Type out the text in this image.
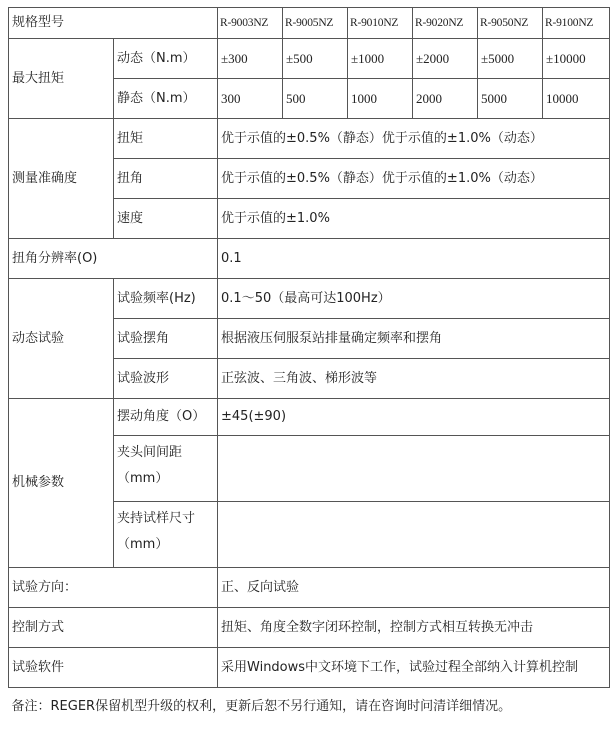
规格型号		R-9003NZ	R-9005NZ	R-9010NZ	R-9020NZ	R-9050NZ	R-9100NZ
最大扭矩	动态（N.m）	±300	±500	±1000	±2000	±5000	±10000
	静态（N.m）	300	500	1000	2000	5000	10000
测量准确度	扭矩	优于示值的±0.5%（静态）优于示值的±1.0%（动态）					
	扭角	优于示值的±0.5%（静态）优于示值的±1.0%（动态）					
	速度	优于示值的±1.0%					
扭角分辨率(O)		0.1					
动态试验	试验频率(Hz)	0.1～50（最高可达100Hz）					
	试验摆角	根据液压伺服泵站排量确定频率和摆角					
	试验波形	正弦波、三角波、梯形波等					
机械参数	摆动角度（O）	±45(±90)					
	夹头间间距（mm）						
	夹持试样尺寸（mm）						
试验方向：		正、反向试验					
控制方式		扭矩、角度全数字闭环控制，控制方式相互转换无冲击					
试验软件		采用Windows中文环境下工作，试验过程全部纳入计算机控制					
备注：REGER保留机型升级的权利，更新后恕不另行通知，请在咨询时问清详细情况。							
